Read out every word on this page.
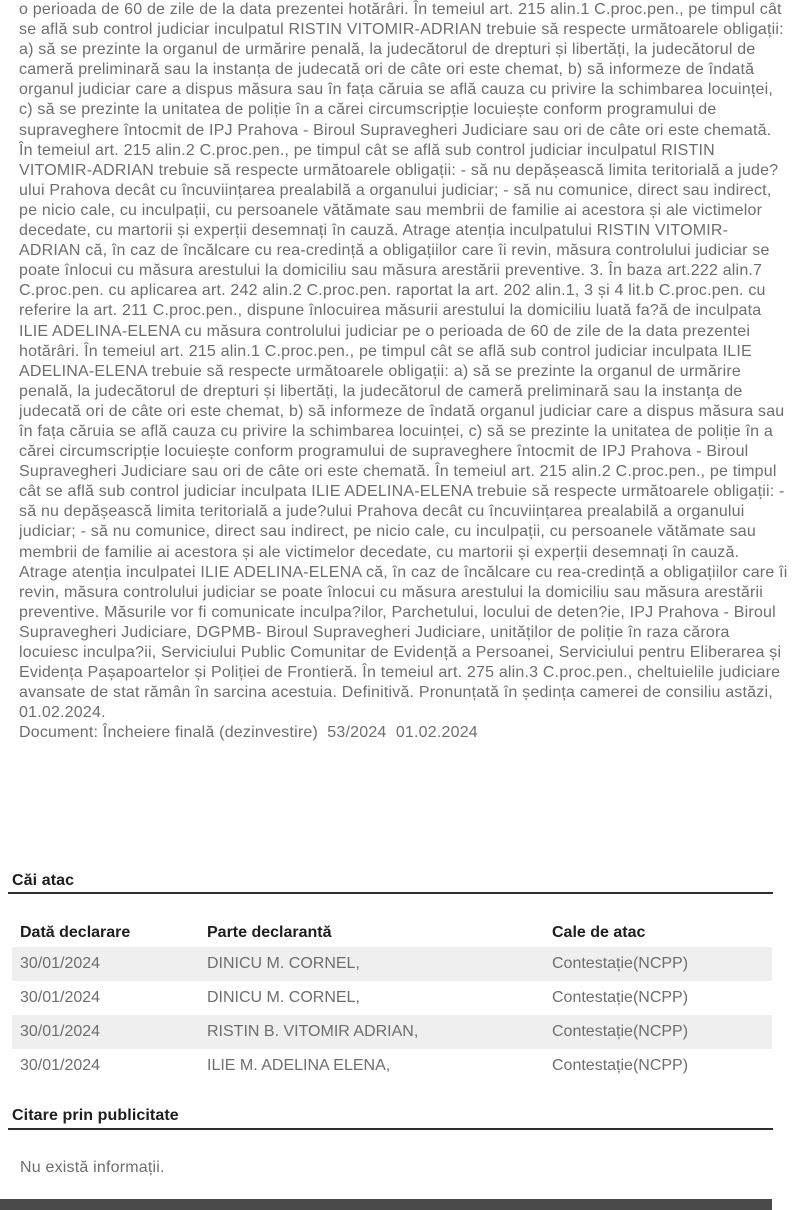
o perioada de 60 de zile de la data prezentei hotărâri. În temeiul art. 215 alin.1 C.proc.pen., pe timpul cât se află sub control judiciar inculpatul RISTIN VITOMIR-ADRIAN trebuie să respecte următoarele obligații: a) să se prezinte la organul de urmărire penală, la judecătorul de drepturi și libertăți, la judecătorul de cameră preliminară sau la instanța de judecată ori de câte ori este chemat, b) să informeze de îndată organul judiciar care a dispus măsura sau în fața căruia se află cauza cu privire la schimbarea locuinței, c) să se prezinte la unitatea de poliție în a cărei circumscripție locuiește conform programului de supraveghere întocmit de IPJ Prahova - Biroul Supravegheri Judiciare sau ori de câte ori este chemată. În temeiul art. 215 alin.2 C.proc.pen., pe timpul cât se află sub control judiciar inculpatul RISTIN VITOMIR-ADRIAN trebuie să respecte următoarele obligații: - să nu depășească limita teritorială a jude?ului Prahova decât cu încuviințarea prealabilă a organului judiciar; - să nu comunice, direct sau indirect, pe nicio cale, cu inculpații, cu persoanele vătămate sau membrii de familie ai acestora și ale victimelor decedate, cu martorii și experții desemnați în cauză. Atrage atenția inculpatului RISTIN VITOMIR-ADRIAN că, în caz de încălcare cu rea-credință a obligațiilor care îi revin, măsura controlului judiciar se poate înlocui cu măsura arestului la domiciliu sau măsura arestării preventive. 3. În baza art.222 alin.7 C.proc.pen. cu aplicarea art. 242 alin.2 C.proc.pen. raportat la art. 202 alin.1, 3 și 4 lit.b C.proc.pen. cu referire la art. 211 C.proc.pen., dispune înlocuirea măsurii arestului la domiciliu luată fa?ă de inculpata ILIE ADELINA-ELENA cu măsura controlului judiciar pe o perioada de 60 de zile de la data prezentei hotărâri. În temeiul art. 215 alin.1 C.proc.pen., pe timpul cât se află sub control judiciar inculpata ILIE ADELINA-ELENA trebuie să respecte următoarele obligații: a) să se prezinte la organul de urmărire penală, la judecătorul de drepturi și libertăți, la judecătorul de cameră preliminară sau la instanța de judecată ori de câte ori este chemat, b) să informeze de îndată organul judiciar care a dispus măsura sau în fața căruia se află cauza cu privire la schimbarea locuinței, c) să se prezinte la unitatea de poliție în a cărei circumscripție locuiește conform programului de supraveghere întocmit de IPJ Prahova - Biroul Supravegheri Judiciare sau ori de câte ori este chemată. În temeiul art. 215 alin.2 C.proc.pen., pe timpul cât se află sub control judiciar inculpata ILIE ADELINA-ELENA trebuie să respecte următoarele obligații: - să nu depășească limita teritorială a jude?ului Prahova decât cu încuviințarea prealabilă a organului judiciar; - să nu comunice, direct sau indirect, pe nicio cale, cu inculpații, cu persoanele vătămate sau membrii de familie ai acestora și ale victimelor decedate, cu martorii și experții desemnați în cauză. Atrage atenția inculpatei ILIE ADELINA-ELENA că, în caz de încălcare cu rea-credință a obligațiilor care îi revin, măsura controlului judiciar se poate înlocui cu măsura arestului la domiciliu sau măsura arestării preventive. Măsurile vor fi comunicate inculpa?ilor, Parchetului, locului de deten?ie, IPJ Prahova - Biroul Supravegheri Judiciare, DGPMB- Biroul Supravegheri Judiciare, unităților de poliție în raza cărora locuiesc inculpa?ii, Serviciului Public Comunitar de Evidență a Persoanei, Serviciului pentru Eliberarea și Evidența Pașapoartelor și Poliției de Frontieră. În temeiul art. 275 alin.3 C.proc.pen., cheltuielile judiciare avansate de stat rămân în sarcina acestuia. Definitivă. Pronunțată în ședința camerei de consiliu astăzi, 01.02.2024.
Document: Încheiere finală (dezinvestire)  53/2024  01.02.2024
Căi atac
Dată declarare	Parte declarantă	Cale de atac
30/01/2024	DINICU M. CORNEL,	Contestație(NCPP)
30/01/2024	DINICU M. CORNEL,	Contestație(NCPP)
30/01/2024	RISTIN B. VITOMIR ADRIAN,	Contestație(NCPP)
30/01/2024	ILIE M. ADELINA ELENA,	Contestație(NCPP)
Citare prin publicitate
Nu există informații.
